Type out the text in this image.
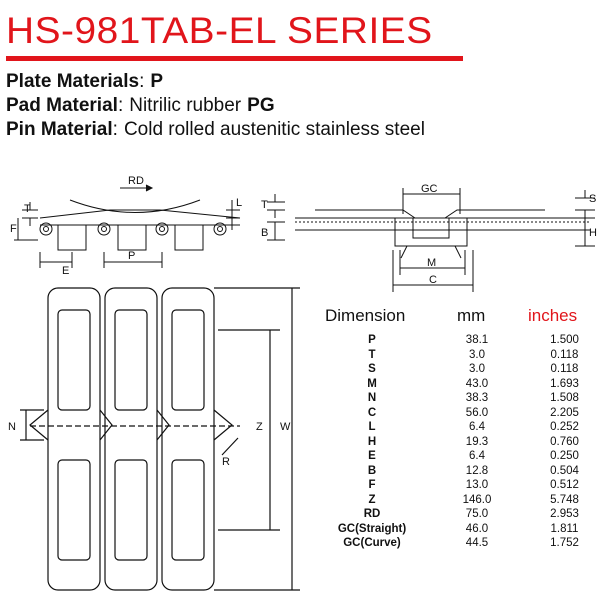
HS-981TAB-EL SERIES
Plate Materials: P
Pad Material: Nitrilic rubber PG
Pin Material: Cold rolled austenitic stainless steel
RD
T
F
E
P
L
GC
T
B
M
C
S
H
N	Z W
R
Dimension	mm	inches
P	38.1	1.500
T	3.0	0.118
S	3.0	0.118
M	43.0	1.693
N	38.3	1.508
C	56.0	2.205
L	6.4	0.252
H	19.3	0.760
E	6.4	0.250
B	12.8	0.504
F	13.0	0.512
Z	146.0	5.748
RD	75.0	2.953
GC(Straight)	46.0	1.811
GC(Curve)	44.5	1.752
